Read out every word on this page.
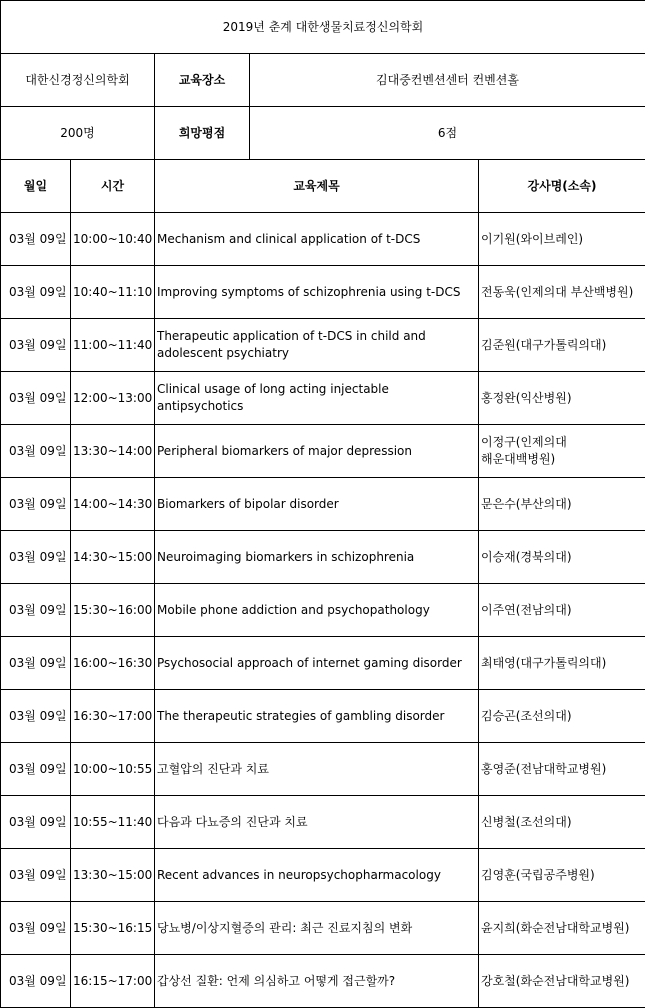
2019년 춘계 대한생물치료정신의학회				
대한신경정신의학회		교육장소	김대중컨벤션센터 컨벤션홀	
200명		희망평점	6점	
월일	시간	교육제목		강사명(소속)
03월 09일	10:00~10:40	Mechanism and clinical application of t-DCS		이기원(와이브레인)
03월 09일	10:40~11:10	Improving symptoms of schizophrenia using t-DCS		전동욱(인제의대 부산백병원)
03월 09일	11:00~11:40	Therapeutic application of t-DCS in child and adolescent psychiatry		김준원(대구가톨릭의대)
03월 09일	12:00~13:00	Clinical usage of long acting injectable antipsychotics		홍정완(익산병원)
03월 09일	13:30~14:00	Peripheral biomarkers of major depression		이정구(인제의대 해운대백병원)
03월 09일	14:00~14:30	Biomarkers of bipolar disorder		문은수(부산의대)
03월 09일	14:30~15:00	Neuroimaging biomarkers in schizophrenia		이승재(경북의대)
03월 09일	15:30~16:00	Mobile phone addiction and psychopathology		이주연(전남의대)
03월 09일	16:00~16:30	Psychosocial approach of internet gaming disorder		최태영(대구가톨릭의대)
03월 09일	16:30~17:00	The therapeutic strategies of gambling disorder		김승곤(조선의대)
03월 09일	10:00~10:55	고혈압의 진단과 치료		홍영준(전남대학교병원)
03월 09일	10:55~11:40	다음과 다뇨증의 진단과 치료		신병철(조선의대)
03월 09일	13:30~15:00	Recent advances in neuropsychopharmacology		김영훈(국립공주병원)
03월 09일	15:30~16:15	당뇨병/이상지혈증의 관리: 최근 진료지침의 변화		윤지희(화순전남대학교병원)
03월 09일	16:15~17:00	갑상선 질환: 언제 의심하고 어떻게 접근할까?		강호철(화순전남대학교병원)
